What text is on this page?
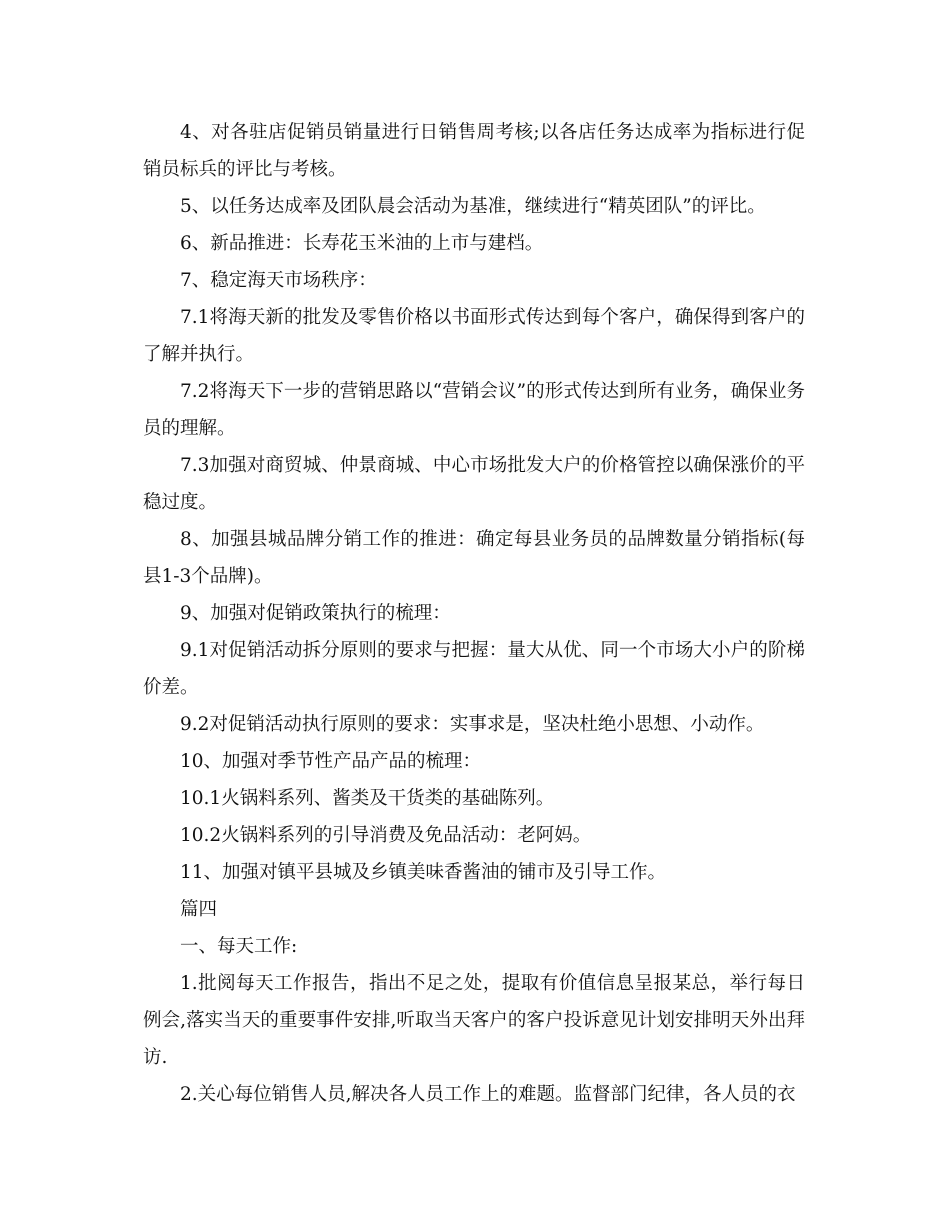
4、对各驻店促销员销量进行日销售周考核;以各店任务达成率为指标进行促销员标兵的评比与考核。

5、以任务达成率及团队晨会活动为基准，继续进行“精英团队”的评比。

6、新品推进：长寿花玉米油的上市与建档。

7、稳定海天市场秩序：

7.1将海天新的批发及零售价格以书面形式传达到每个客户，确保得到客户的了解并执行。

7.2将海天下一步的营销思路以“营销会议”的形式传达到所有业务，确保业务员的理解。

7.3加强对商贸城、仲景商城、中心市场批发大户的价格管控以确保涨价的平稳过度。

8、加强县城品牌分销工作的推进：确定每县业务员的品牌数量分销指标(每县1-3个品牌)。

9、加强对促销政策执行的梳理：

9.1对促销活动拆分原则的要求与把握：量大从优、同一个市场大小户的阶梯价差。

9.2对促销活动执行原则的要求：实事求是，坚决杜绝小思想、小动作。

10、加强对季节性产品产品的梳理：

10.1火锅料系列、酱类及干货类的基础陈列。

10.2火锅料系列的引导消费及免品活动：老阿妈。

11、加强对镇平县城及乡镇美味香酱油的铺市及引导工作。

篇四

一、每天工作:

1.批阅每天工作报告，指出不足之处，提取有价值信息呈报某总，举行每日例会,落实当天的重要事件安排,听取当天客户的客户投诉意见计划安排明天外出拜访.

2.关心每位销售人员,解决各人员工作上的难题。监督部门纪律，各人员的衣
